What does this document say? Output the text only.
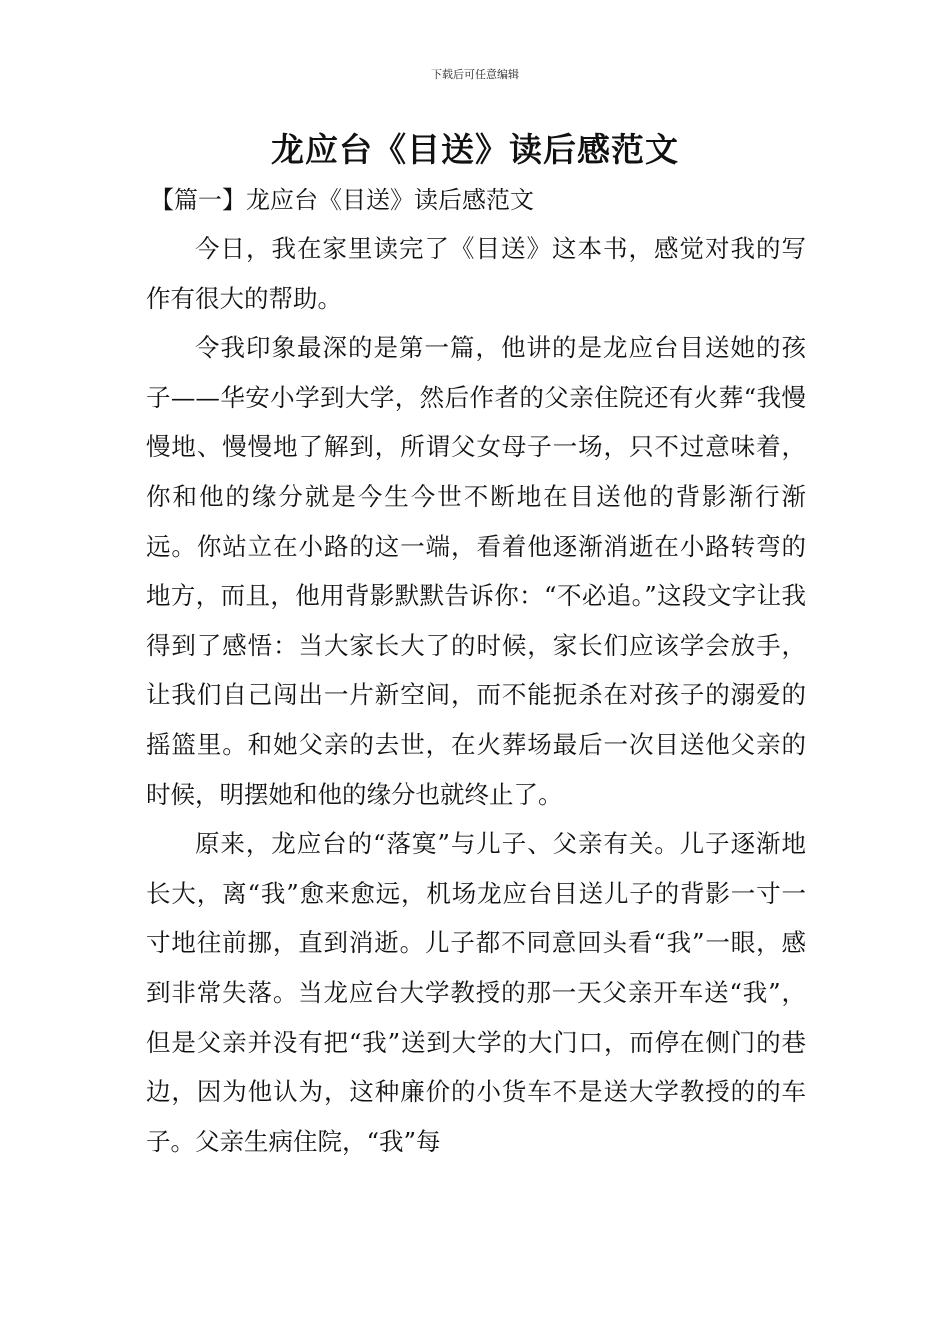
下载后可任意编辑
龙应台《目送》读后感范文
【篇一】龙应台《目送》读后感范文

今日，我在家里读完了《目送》这本书，感觉对我的写作有很大的帮助。

令我印象最深的是第一篇，他讲的是龙应台目送她的孩子——华安小学到大学，然后作者的父亲住院还有火葬“我慢慢地、慢慢地了解到，所谓父女母子一场，只不过意味着，你和他的缘分就是今生今世不断地在目送他的背影渐行渐远。你站立在小路的这一端，看着他逐渐消逝在小路转弯的地方，而且，他用背影默默告诉你：“不必追。”这段文字让我得到了感悟：当大家长大了的时候，家长们应该学会放手，让我们自己闯出一片新空间，而不能扼杀在对孩子的溺爱的摇篮里。和她父亲的去世，在火葬场最后一次目送他父亲的时候，明摆她和他的缘分也就终止了。

原来，龙应台的“落寞”与儿子、父亲有关。儿子逐渐地长大，离“我”愈来愈远，机场龙应台目送儿子的背影一寸一寸地往前挪，直到消逝。儿子都不同意回头看“我”一眼，感到非常失落。当龙应台大学教授的那一天父亲开车送“我”，但是父亲并没有把“我”送到大学的大门口，而停在侧门的巷边，因为他认为，这种廉价的小货车不是送大学教授的的车子。父亲生病住院，“我”每
